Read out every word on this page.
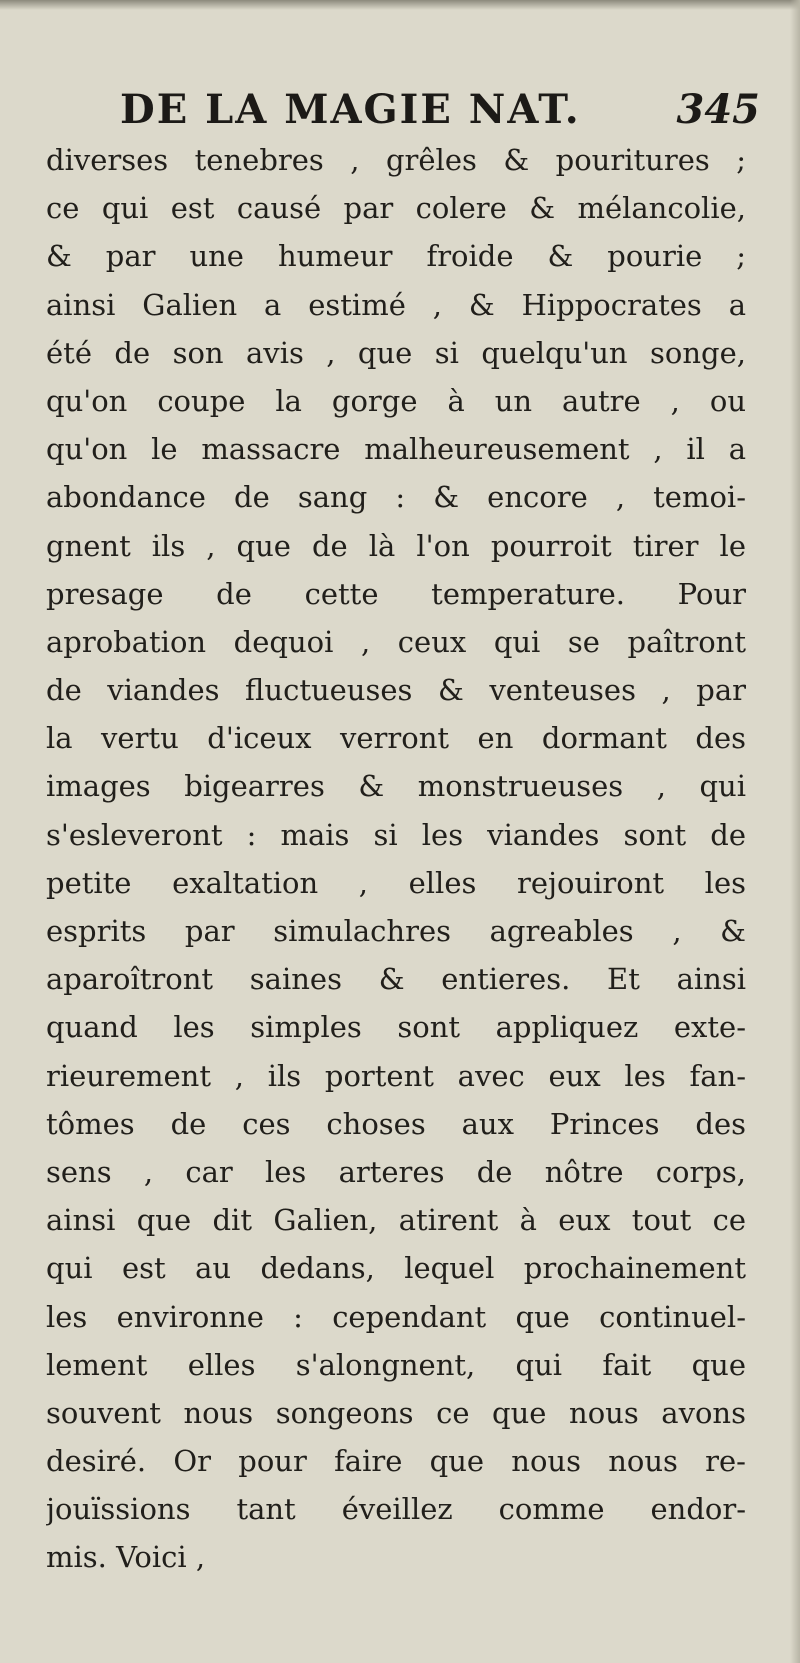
DE LA MAGIE NAT. 345
diverses tenebres , grêles & pouritures ;
ce qui est causé par colere & mélancolie,
& par une humeur froide & pourie ;
ainsi Galien a estimé , & Hippocrates a
été de son avis , que si quelqu'un songe,
qu'on coupe la gorge à un autre , ou
qu'on le massacre malheureusement , il a
abondance de sang : & encore , temoi-
gnent ils , que de là l'on pourroit tirer le
presage de cette temperature. Pour
aprobation dequoi , ceux qui se paîtront
de viandes fluctueuses & venteuses , par
la vertu d'iceux verront en dormant des
images bigearres & monstrueuses , qui
s'esleveront : mais si les viandes sont de
petite exaltation , elles rejouiront les
esprits par simulachres agreables , &
aparoîtront saines & entieres. Et ainsi
quand les simples sont appliquez exte-
rieurement , ils portent avec eux les fan-
tômes de ces choses aux Princes des
sens , car les arteres de nôtre corps,
ainsi que dit Galien, atirent à eux tout ce
qui est au dedans, lequel prochainement
les environne : cependant que continuel-
lement elles s'alongnent, qui fait que
souvent nous songeons ce que nous avons
desiré. Or pour faire que nous nous re-
jouïssions tant éveillez comme endor-
mis. Voici ,
